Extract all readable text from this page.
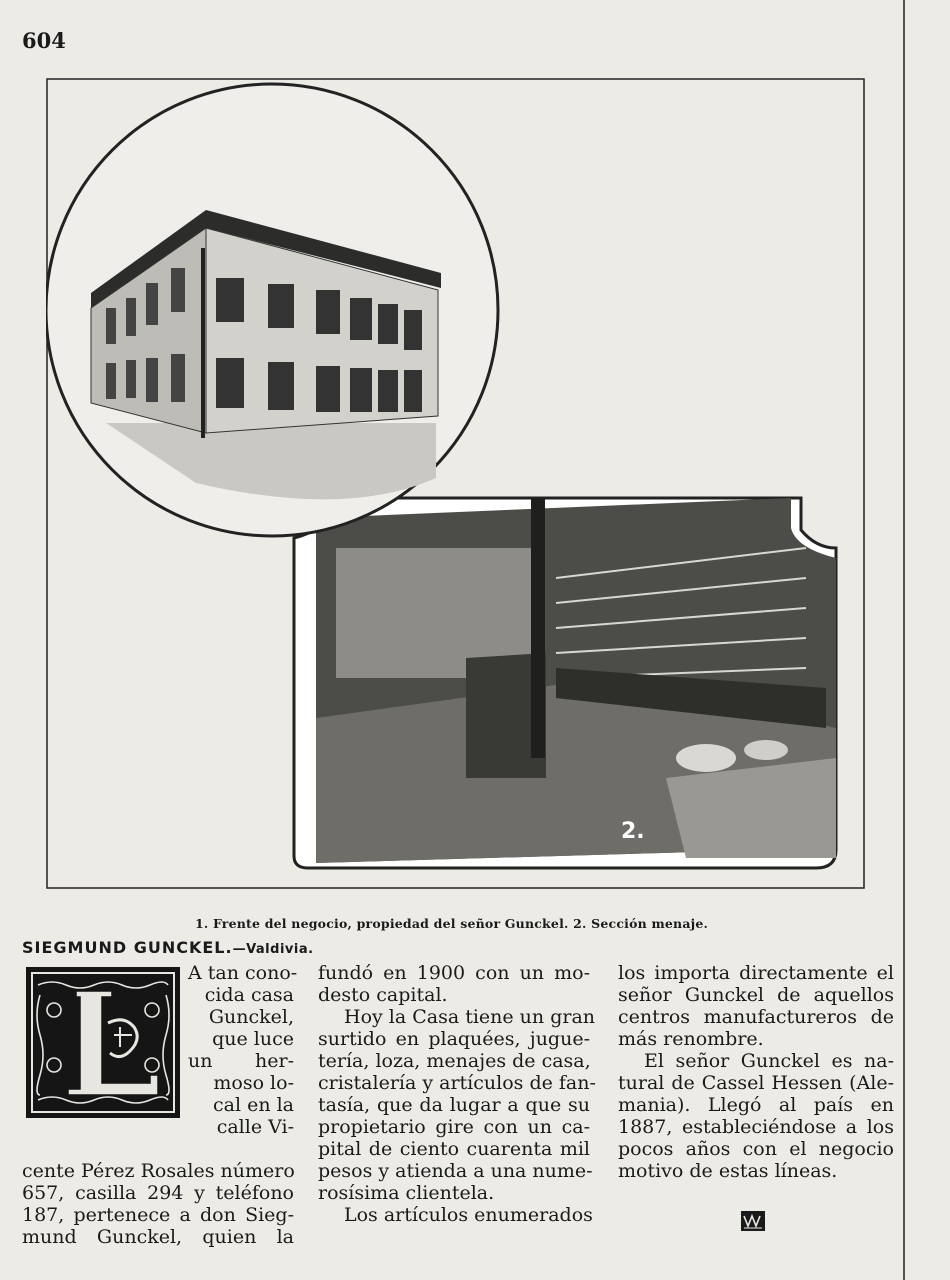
604
2.
1. Frente del negocio, propiedad del señor Gunckel. 2. Sección menaje.
SIEGMUND GUNCKEL.—Valdivia.
A tan cono-
cida casa
Gunckel,
que luce
un her-
moso lo-
cal en la
calle Vi-
cente Pérez Rosales número
657, casilla 294 y teléfono
187, pertenece a don Sieg-
mund Gunckel, quien la
fundó en 1900 con un mo-
desto capital.
Hoy la Casa tiene un gran
surtido en plaquées, jugue-
tería, loza, menajes de casa,
cristalería y artículos de fan-
tasía, que da lugar a que su
propietario gire con un ca-
pital de ciento cuarenta mil
pesos y atienda a una nume-
rosísima clientela.
Los artículos enumerados
los importa directamente el
señor Gunckel de aquellos
centros manufactureros de
más renombre.
El señor Gunckel es na-
tural de Cassel Hessen (Ale-
mania). Llegó al país en
1887, estableciéndose a los
pocos años con el negocio
motivo de estas líneas.
